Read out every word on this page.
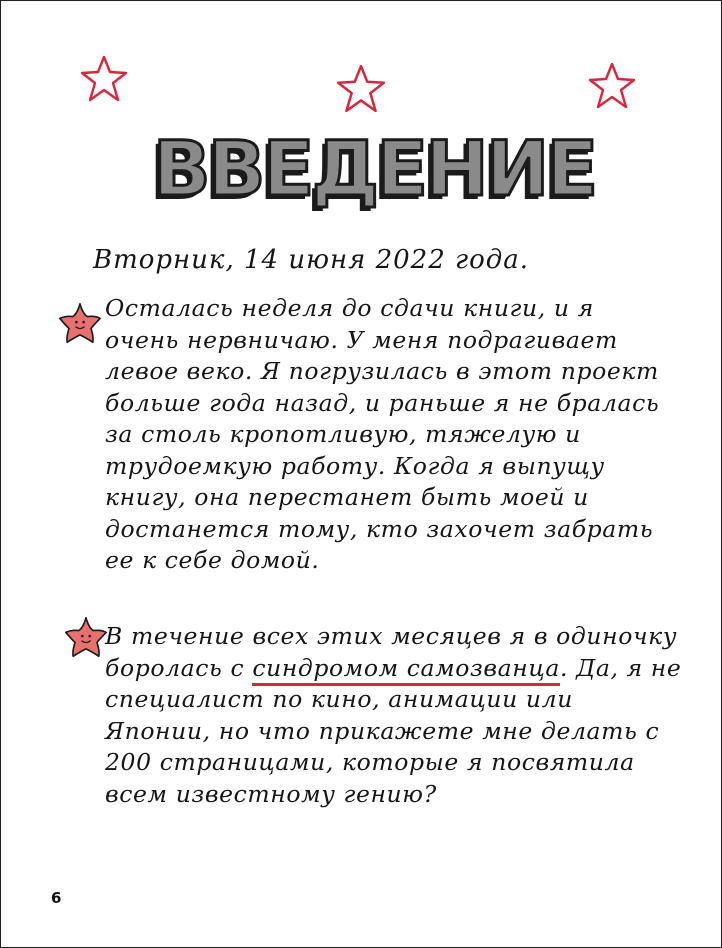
ВВЕДЕНИЕ
Вторник, 14 июня 2022 года.

Осталась неделя до сдачи книги, и я очень нервничаю. У меня подрагивает левое веко. Я погрузилась в этот проект больше года назад, и раньше я не бралась за столь кропотливую, тяжелую и трудоемкую работу. Когда я выпущу книгу, она перестанет быть моей и достанется тому, кто захочет забрать ее к себе домой.

В течение всех этих месяцев я в одиночку боролась с синдромом самозванца. Да, я не специалист по кино, анимации или Японии, но что прикажете мне делать с 200 страницами, которые я посвятила всем известному гению?

6
